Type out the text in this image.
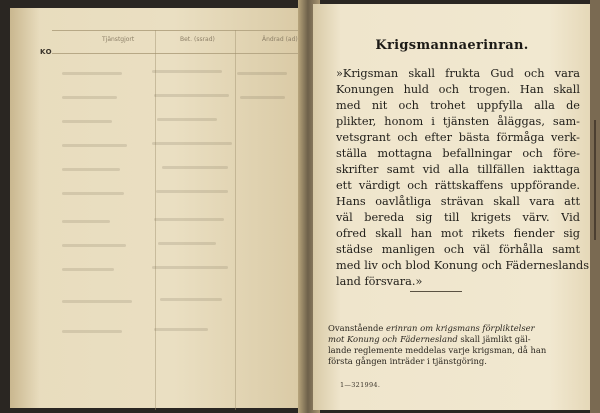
KO
Tjänstgjort	Bet. (ssrad)	Ändrad (ad)	Krigsmannaerinran.

»Krigsman skall frukta Gud och vara
Konungen huld och trogen. Han skall
med nit och trohet uppfylla alla de
plikter, honom i tjänsten åläggas, sam-
vetsgrant och efter bästa förmåga verk-
ställa mottagna befallningar och före-
skrifter samt vid alla tillfällen iakttaga
ett värdigt och rättskaffens uppförande.
Hans oavlåtliga strävan skall vara att
väl bereda sig till krigets värv. Vid
ofred skall han mot rikets fiender sig
städse manligen och väl förhålla samt
med liv och blod Konung och Fäderneslands
land försvara.»

Ovanstående erinran om krigsmans förpliktelser
mot Konung och Fädernesland skall jämlikt gäl-
lande reglemente meddelas varje krigsman, då han
första gången inträder i tjänstgöring.

1—321994.
